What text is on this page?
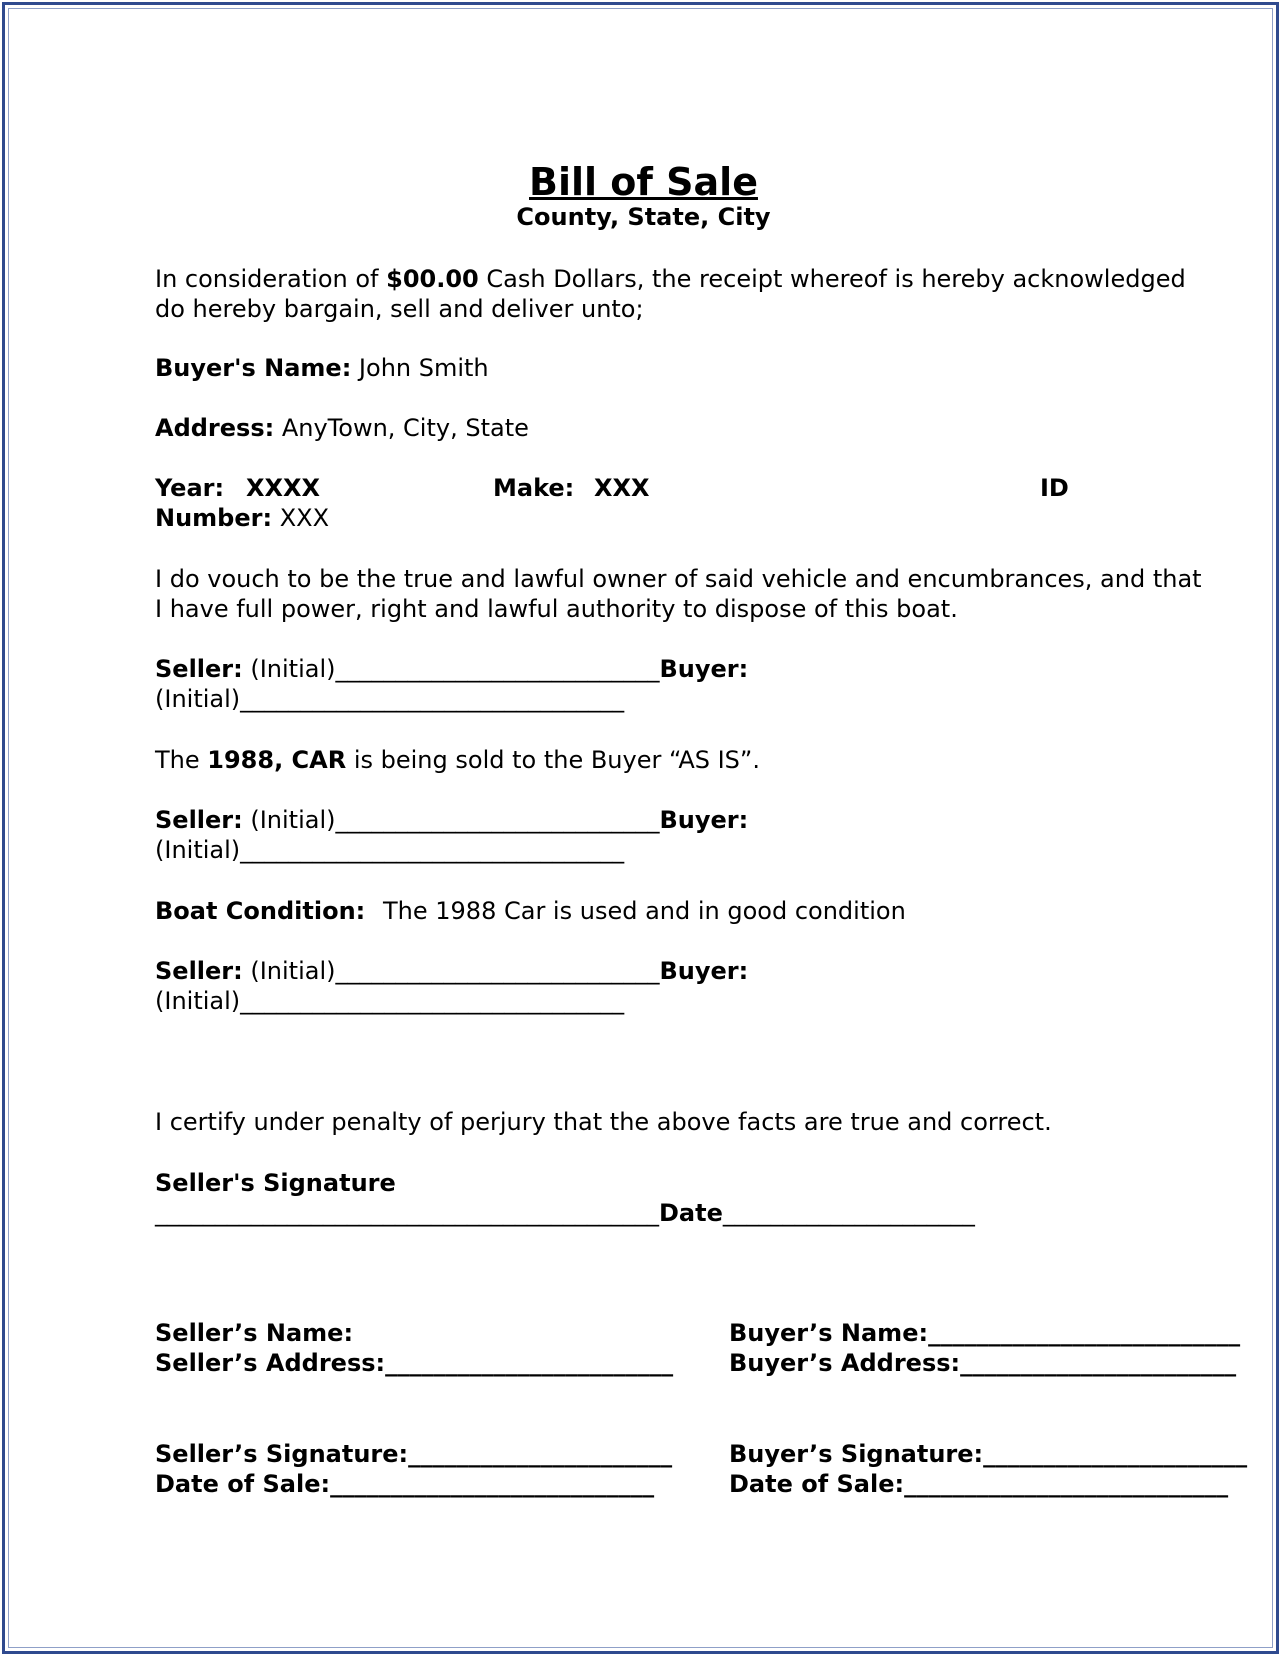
Bill of Sale
County, State, City
In consideration of $00.00 Cash Dollars, the receipt whereof is hereby acknowledged
do hereby bargain, sell and deliver unto;
Buyer's Name: John Smith
Address: AnyTown, City, State
Year: XXXX	Make: XXX	ID
Number: XXX
I do vouch to be the true and lawful owner of said vehicle and encumbrances, and that
I have full power, right and lawful authority to dispose of this boat.
Seller: (Initial)___________________________Buyer:
(Initial)________________________________
The 1988, CAR is being sold to the Buyer “AS IS”.
Seller: (Initial)___________________________Buyer:
(Initial)________________________________
Boat Condition: The 1988 Car is used and in good condition
Seller: (Initial)___________________________Buyer:
(Initial)________________________________
I certify under penalty of perjury that the above facts are true and correct.
Seller's Signature
__________________________________________Date_____________________
Seller’s Name:
Seller’s Address:________________________
Seller’s Signature:______________________
Date of Sale:___________________________
Buyer’s Name:__________________________
Buyer’s Address:_______________________
Buyer’s Signature:______________________
Date of Sale:___________________________
